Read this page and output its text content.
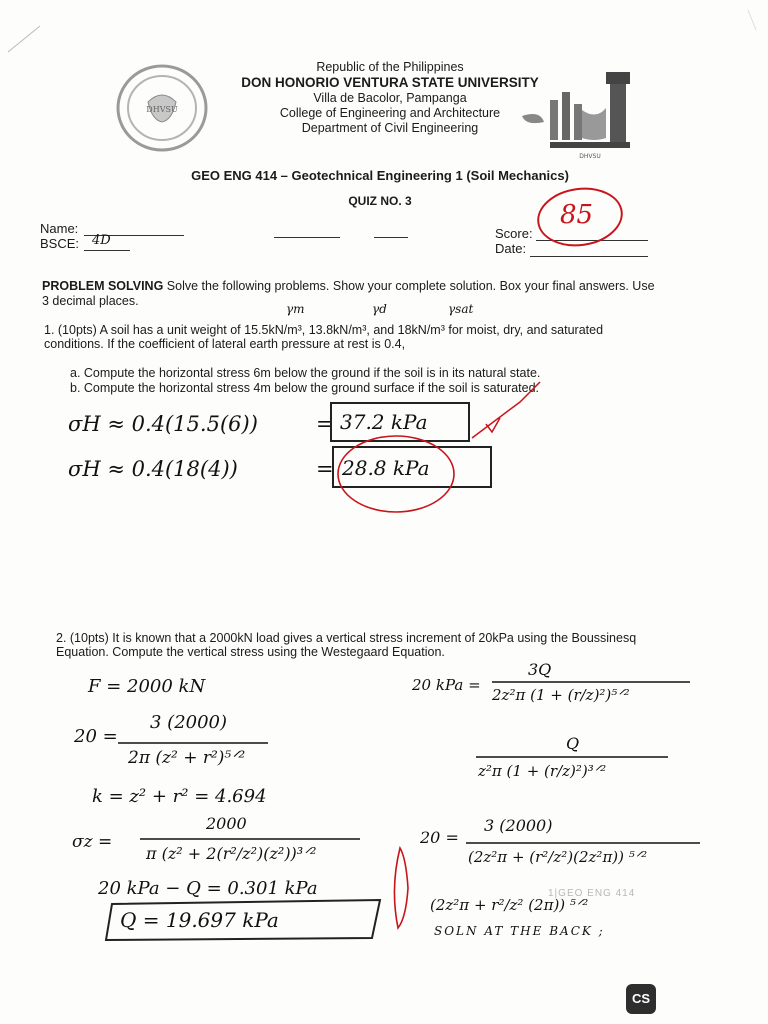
DHVSU
Republic of the Philippines
DON HONORIO VENTURA STATE UNIVERSITY
Villa de Bacolor, Pampanga
College of Engineering and Architecture
Department of Civil Engineering
DHVSU
GEO ENG 414 – Geotechnical Engineering 1 (Soil Mechanics)
QUIZ NO. 3
Name:
BSCE: 4D	Score:
Date:
85
PROBLEM SOLVING Solve the following problems. Show your complete solution. Box your final answers. Use
3 decimal places.
γm	γd	γsat
1. (10pts) A soil has a unit weight of 15.5kN/m³, 13.8kN/m³, and 18kN/m³ for moist, dry, and saturated
conditions. If the coefficient of lateral earth pressure at rest is 0.4,
a. Compute the horizontal stress 6m below the ground if the soil is in its natural state.
b. Compute the horizontal stress 4m below the ground surface if the soil is saturated.
σH ≈ 0.4(15.5(6))	= 37.2 kPa
σH ≈ 0.4(18(4))	= 28.8 kPa
2. (10pts) It is known that a 2000kN load gives a vertical stress increment of 20kPa using the Boussinesq
Equation. Compute the vertical stress using the Westegaard Equation.
F = 2000 kN
20 =
3 (2000)
2π (z² + r²)⁵ᐟ²
k = z² + r² = 4.694
σz =
2000
π (z² + 2(r²/z²)(z²))³ᐟ²
20 kPa − Q = 0.301 kPa
Q = 19.697 kPa
20 kPa =
3Q
2z²π (1 + (r/z)²)⁵ᐟ²
Q
z²π (1 + (r/z)²)³ᐟ²
20 =
3 (2000)
(2z²π + (r²/z²)(2z²π)) ⁵ᐟ²
(2z²π + r²/z² (2π)) ⁵ᐟ²
SOLN AT THE BACK ;
1|GEO ENG 414
CS
